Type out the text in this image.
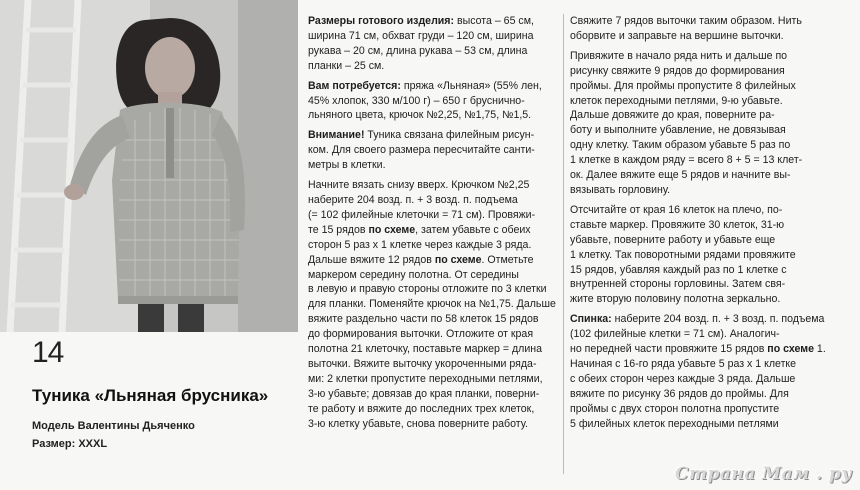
14
Туника «Льняная брусника»
Модель Валентины Дьяченко
Размер: XXXL

Размеры готового изделия: высота – 65 см,
ширина 71 см, обхват груди – 120 см, ширина
рукава – 20 см, длина рукава – 53 см, длина
планки – 25 см.

Вам потребуется: пряжа «Льняная» (55% лен,
45% хлопок, 330 м/100 г) – 650 г брусничнo-
льняного цвета, крючок №2,25, №1,75, №1,5.

Внимание! Туника связана филейным рисун-
ком. Для своего размера пересчитайте санти-
метры в клетки.

Начните вязать снизу вверх. Крючком №2,25
наберите 204 возд. п. + 3 возд. п. подъема
(= 102 филейные клеточки = 71 см). Провяжи-
те 15 рядов по схеме, затем убавьте с обеих
сторон 5 раз х 1 клетке через каждые 3 ряда.
Дальше вяжите 12 рядов по схеме. Отметьте
маркером середину полотна. От середины
в левую и правую стороны отложите по 3 клетки
для планки. Поменяйте крючок на №1,75. Дальше
вяжите раздельно части по 58 клеток 15 рядов
до формирования выточки. Отложите от края
полотна 21 клеточку, поставьте маркер = длина
выточки. Вяжите выточку укороченными ряда-
ми: 2 клетки пропустите переходными петлями,
3-ю убавьте; довязав до края планки, поверни-
те работу и вяжите до последних трех клеток,
3-ю клетку убавьте, снова поверните работу.

Свяжите 7 рядов выточки таким образом. Нить
оборвите и заправьте на вершине выточки.

Привяжите в начало ряда нить и дальше по
рисунку свяжите 9 рядов до формирования
проймы. Для проймы пропустите 8 филейных
клеток переходными петлями, 9-ю убавьте.
Дальше довяжите до края, поверните ра-
боту и выполните убавление, не довязывая
одну клетку. Таким образом убавьте 5 раз по
1 клетке в каждом ряду = всего 8 + 5 = 13 клет-
ок. Далее вяжите еще 5 рядов и начните вы-
вязывать горловину.

Отсчитайте от края 16 клеток на плечо, по-
ставьте маркер. Провяжите 30 клеток, 31-ю
убавьте, поверните работу и убавьте еще
1 клетку. Так поворотными рядами провяжите
15 рядов, убавляя каждый раз по 1 клетке с
внутренней стороны горловины. Затем свя-
жите вторую половину полотна зеркально.

Спинка: наберите 204 возд. п. + 3 возд. п. подъема
(102 филейные клетки = 71 см). Аналогич-
но передней части провяжите 15 рядов по схеме 1.
Начиная с 16-го ряда убавьте 5 раз х 1 клетке
с обеих сторон через каждые 3 ряда. Дальше
вяжите по рисунку 36 рядов до проймы. Для
проймы с двух сторон полотна пропустите
5 филейных клеток переходными петлями

Страна Мам . ру
